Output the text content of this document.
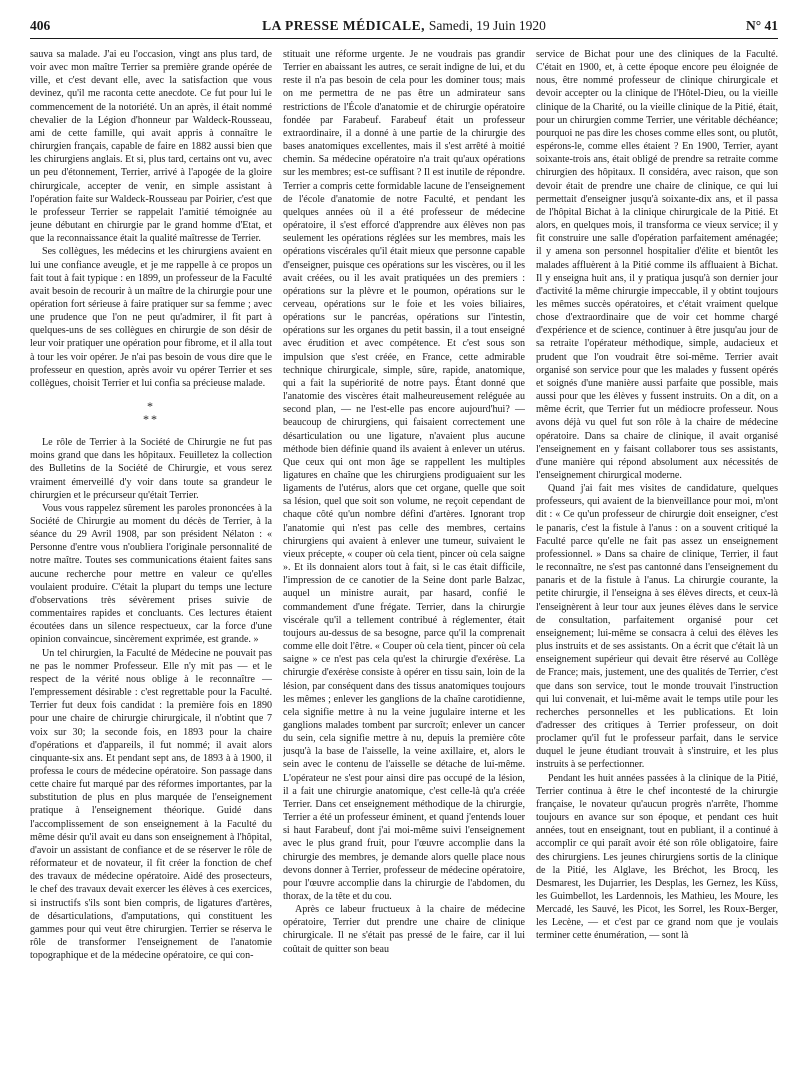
406	LA PRESSE MÉDICALE, Samedi, 19 Juin 1920	N° 41

sauva sa malade. J'ai eu l'occasion, vingt ans plus tard, de voir avec mon maître Terrier sa première grande opérée de ville, et c'est devant elle, avec la satisfaction que vous devinez, qu'il me raconta cette anecdote. Ce fut pour lui le commencement de la notoriété. Un an après, il était nommé chevalier de la Légion d'honneur par Waldeck-Rousseau, ami de cette famille, qui avait appris à connaître le chirurgien français, capable de faire en 1882 aussi bien que les chirurgiens anglais. Et si, plus tard, certains ont vu, avec un peu d'étonnement, Terrier, arrivé à l'apogée de la gloire chirurgicale, accepter de venir, en simple assistant à l'opération faite sur Waldeck-Rousseau par Poirier, c'est que le professeur Terrier se rappelait l'amitié témoignée au jeune débutant en chirurgie par le grand homme d'Etat, et que la reconnaissance était la qualité maîtresse de Terrier.

Ses collègues, les médecins et les chirurgiens avaient en lui une confiance aveugle, et je me rappelle à ce propos un fait tout à fait typique : en 1899, un professeur de la Faculté avait besoin de recourir à un maître de la chirurgie pour une opération fort sérieuse à faire pratiquer sur sa femme ; avec une prudence que l'on ne peut qu'admirer, il fit part à quelques-uns de ses collègues en chirurgie de son désir de leur voir pratiquer une opération pour fibrome, et il alla tout à tour les voir opérer. Je n'ai pas besoin de vous dire que le professeur en question, après avoir vu opérer Terrier et ses collègues, choisit Terrier et lui confia sa précieuse malade.

*
**

Le rôle de Terrier à la Société de Chirurgie ne fut pas moins grand que dans les hôpitaux. Feuilletez la collection des Bulletins de la Société de Chirurgie, et vous serez vraiment émerveillé d'y voir dans toute sa grandeur le chirurgien et le précurseur qu'était Terrier.

Vous vous rappelez sûrement les paroles prononcées à la Société de Chirurgie au moment du décès de Terrier, à la séance du 29 Avril 1908, par son président Nélaton : « Personne d'entre vous n'oubliera l'originale personnalité de notre maître. Toutes ses communications étaient faites sans aucune recherche pour mettre en valeur ce qu'elles voulaient produire. C'était la plupart du temps une lecture d'observations très sévèrement prises suivie de commentaires rapides et concluants. Ces lectures étaient écoutées dans un silence respectueux, car la force d'une opinion convaincue, sincèrement exprimée, est grande. »

Un tel chirurgien, la Faculté de Médecine ne pouvait pas ne pas le nommer Professeur. Elle n'y mit pas — et le respect de la vérité nous oblige à le reconnaître — l'empressement désirable : c'est regrettable pour la Faculté. Terrier fut deux fois candidat : la première fois en 1890 pour une chaire de chirurgie chirurgicale, il n'obtint que 7 voix sur 30; la seconde fois, en 1893 pour la chaire d'opérations et d'appareils, il fut nommé; il avait alors cinquante-six ans. Et pendant sept ans, de 1893 à à 1900, il professa le cours de médecine opératoire. Son passage dans cette chaire fut marqué par des réformes importantes, par la substitution de plus en plus marquée de l'enseignement pratique à l'enseignement théorique. Guidé dans l'accomplissement de son enseignement à la Faculté du même désir qu'il avait eu dans son enseignement à l'hôpital, d'avoir un assistant de confiance et de se réserver le rôle de réformateur et de novateur, il fit créer la fonction de chef des travaux de médecine opératoire. Aidé des prosecteurs, le chef des travaux devait exercer les élèves à ces exercices, si instructifs s'ils sont bien compris, de ligatures d'artères, de désarticulations, d'amputations, qui constituent les gammes pour qui veut être chirurgien. Terrier se réserva le rôle de transformer l'enseignement de l'anatomie topographique et de la médecine opératoire, ce qui con-

stituait une réforme urgente. Je ne voudrais pas grandir Terrier en abaissant les autres, ce serait indigne de lui, et du reste il n'a pas besoin de cela pour les dominer tous; mais on me permettra de ne pas être un admirateur sans restrictions de l'École d'anatomie et de chirurgie opératoire fondée par Farabeuf. Farabeuf était un professeur extraordinaire, il a donné à une partie de la chirurgie des bases anatomiques excellentes, mais il s'est arrêté à moitié chemin. Sa médecine opératoire n'a trait qu'aux opérations sur les membres; est-ce suffisant ? Il est inutile de répondre. Terrier a compris cette formidable lacune de l'enseignement de l'école d'anatomie de notre Faculté, et pendant les quelques années où il a été professeur de médecine opératoire, il s'est efforcé d'apprendre aux élèves non pas seulement les opérations réglées sur les membres, mais les opérations viscérales qu'il était mieux que personne capable d'enseigner, puisque ces opérations sur les viscères, ou il les avait créées, ou il les avait pratiquées un des premiers : opérations sur la plèvre et le poumon, opérations sur le cerveau, opérations sur le foie et les voies biliaires, opérations sur le pancréas, opérations sur l'intestin, opérations sur les organes du petit bassin, il a tout enseigné avec érudition et avec compétence. Et c'est sous son impulsion que s'est créée, en France, cette admirable technique chirurgicale, simple, sûre, rapide, anatomique, qui a fait la supériorité de notre pays. Étant donné que l'anatomie des viscères était malheureusement reléguée au second plan, — ne l'est-elle pas encore aujourd'hui? — beaucoup de chirurgiens, qui faisaient correctement une désarticulation ou une ligature, n'avaient plus aucune méthode bien définie quand ils avaient à enlever un utérus. Que ceux qui ont mon âge se rappellent les multiples ligatures en chaîne que les chirurgiens prodiguaient sur les ligaments de l'utérus, alors que cet organe, quelle que soit sa lésion, quel que soit son volume, ne reçoit cependant de chaque côté qu'un nombre défini d'artères. Ignorant trop l'anatomie qui n'est pas celle des membres, certains chirurgiens qui avaient à enlever une tumeur, suivaient le vieux précepte, « couper où cela tient, pincer où cela saigne ». Et ils donnaient alors tout à fait, si le cas était difficile, l'impression de ce canotier de la Seine dont parle Balzac, auquel un ministre aurait, par hasard, confié le commandement d'une frégate. Terrier, dans la chirurgie viscérale qu'il a tellement contribué à réglementer, était toujours au-dessus de sa besogne, parce qu'il la comprenait comme elle doit l'être. « Couper où cela tient, pincer où cela saigne » ce n'est pas cela qu'est la chirurgie d'exérèse. La chirurgie d'exérèse consiste à opérer en tissu sain, loin de la lésion, par conséquent dans des tissus anatomiques toujours les mêmes ; enlever les ganglions de la chaîne carotidienne, cela signifie mettre à nu la veine jugulaire interne et les ganglions malades tombent par surcroît; enlever un cancer du sein, cela signifie mettre à nu, depuis la première côte jusqu'à la base de l'aisselle, la veine axillaire, et, alors le sein avec le contenu de l'aisselle se détache de lui-même. L'opérateur ne s'est pour ainsi dire pas occupé de la lésion, il a fait une chirurgie anatomique, c'est celle-là qu'a créée Terrier. Dans cet enseignement méthodique de la chirurgie, Terrier a été un professeur éminent, et quand j'entends louer si haut Farabeuf, dont j'ai moi-même suivi l'enseignement avec le plus grand fruit, pour l'œuvre accomplie dans la chirurgie des membres, je demande alors quelle place nous devons donner à Terrier, professeur de médecine opératoire, pour l'œuvre accomplie dans la chirurgie de l'abdomen, du thorax, de la tête et du cou.

Après ce labeur fructueux à la chaire de médecine opératoire, Terrier dut prendre une chaire de clinique chirurgicale. Il ne s'était pas pressé de le faire, car il lui coûtait de quitter son beau

service de Bichat pour une des cliniques de la Faculté. C'était en 1900, et, à cette époque encore peu éloignée de nous, être nommé professeur de clinique chirurgicale et devoir accepter ou la clinique de l'Hôtel-Dieu, ou la vieille clinique de la Charité, ou la vieille clinique de la Pitié, était, pour un chirurgien comme Terrier, une véritable déchéance; pourquoi ne pas dire les choses comme elles sont, ou plutôt, espérons-le, comme elles étaient ? En 1900, Terrier, ayant soixante-trois ans, était obligé de prendre sa retraite comme chirurgien des hôpitaux. Il considéra, avec raison, que son devoir était de prendre une chaire de clinique, ce qui lui permettait d'enseigner jusqu'à soixante-dix ans, et il passa de l'hôpital Bichat à la clinique chirurgicale de la Pitié. Et alors, en quelques mois, il transforma ce vieux service; il y fit construire une salle d'opération parfaitement aménagée; il y amena son personnel hospitalier d'élite et bientôt les malades affluèrent à la Pitié comme ils affluaient à Bichat. Il y enseigna huit ans, il y pratiqua jusqu'à son dernier jour d'activité la même chirurgie impeccable, il y obtint toujours les mêmes succès opératoires, et c'était vraiment quelque chose d'extraordinaire que de voir cet homme chargé d'expérience et de science, continuer à être jusqu'au jour de sa retraite l'opérateur méthodique, simple, audacieux et prudent que l'on voudrait être soi-même. Terrier avait organisé son service pour que les malades y fussent opérés et soignés d'une manière aussi parfaite que possible, mais aussi pour que les élèves y fussent instruits. On a dit, on a même écrit, que Terrier fut un médiocre professeur. Nous avons déjà vu quel fut son rôle à la chaire de médecine opératoire. Dans sa chaire de clinique, il avait organisé l'enseignement en y faisant collaborer tous ses assistants, d'une manière qui répond absolument aux nécessités de l'enseignement chirurgical moderne.

Quand j'ai fait mes visites de candidature, quelques professeurs, qui avaient de la bienveillance pour moi, m'ont dit : « Ce qu'un professeur de chirurgie doit enseigner, c'est le panaris, c'est la fistule à l'anus : on a souvent critiqué la Faculté parce qu'elle ne fait pas assez un enseignement professionnel. » Dans sa chaire de clinique, Terrier, il faut le reconnaître, ne s'est pas cantonné dans l'enseignement du panaris et de la fistule à l'anus. La chirurgie courante, la petite chirurgie, il l'enseigna à ses élèves directs, et ceux-là l'enseignèrent à leur tour aux jeunes élèves dans le service de consultation, parfaitement organisé pour cet enseignement; lui-même se consacra à celui des élèves les plus instruits et de ses assistants. On a écrit que c'était là un enseignement supérieur qui devait être réservé au Collège de France; mais, justement, une des qualités de Terrier, c'est que dans son service, tout le monde trouvait l'instruction qui lui convenait, et lui-même avait le temps utile pour les recherches personnelles et les publications. Et loin d'adresser des critiques à Terrier professeur, on doit proclamer qu'il fut le professeur parfait, dans le service duquel le jeune étudiant trouvait à s'instruire, et les plus instruits à se perfectionner.

Pendant les huit années passées à la clinique de la Pitié, Terrier continua à être le chef incontesté de la chirurgie française, le novateur qu'aucun progrès n'arrête, l'homme toujours en avance sur son époque, et pendant ces huit années, tout en enseignant, tout en publiant, il a continué à accomplir ce qui paraît avoir été son rôle obligatoire, faire des chirurgiens. Les jeunes chirurgiens sortis de la clinique de la Pitié, les Alglave, les Bréchot, les Brocq, les Desmarest, les Dujarrier, les Desplas, les Gernez, les Küss, les Guimbellot, les Lardennois, les Mathieu, les Moure, les Mercadé, les Sauvé, les Picot, les Sorrel, les Roux-Berger, les Lecène, — et c'est par ce grand nom que je voulais terminer cette énumération, — sont là
